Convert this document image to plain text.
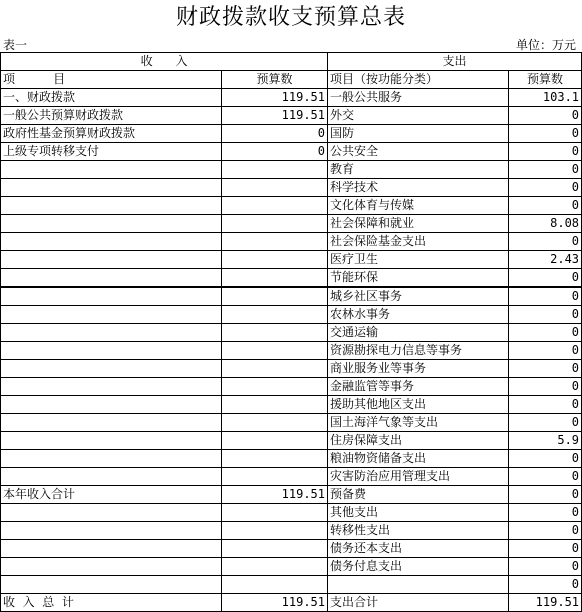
财政拨款收支预算总表
表一	单位：万元
收      入		支出	
项          目	预算数	项目（按功能分类）	预算数
一、财政拨款	119.51	一般公共服务	103.1
一般公共预算财政拨款	119.51	外交	0
政府性基金预算财政拨款	0	国防	0
上级专项转移支付	0	公共安全	0
		教育	0
		科学技术	0
		文化体育与传媒	0
		社会保障和就业	8.08
		社会保险基金支出	0
		医疗卫生	2.43
		节能环保	0
		城乡社区事务	0
		农林水事务	0
		交通运输	0
		资源勘探电力信息等事务	0
		商业服务业等事务	0
		金融监管等事务	0
		援助其他地区支出	0
		国土海洋气象等支出	0
		住房保障支出	5.9
		粮油物资储备支出	0
		灾害防治应用管理支出	0
本年收入合计	119.51	预备费	0
		其他支出	0
		转移性支出	0
		债务还本支出	0
		债务付息支出	0
			0
收  入  总  计	119.51	支出合计	119.51
